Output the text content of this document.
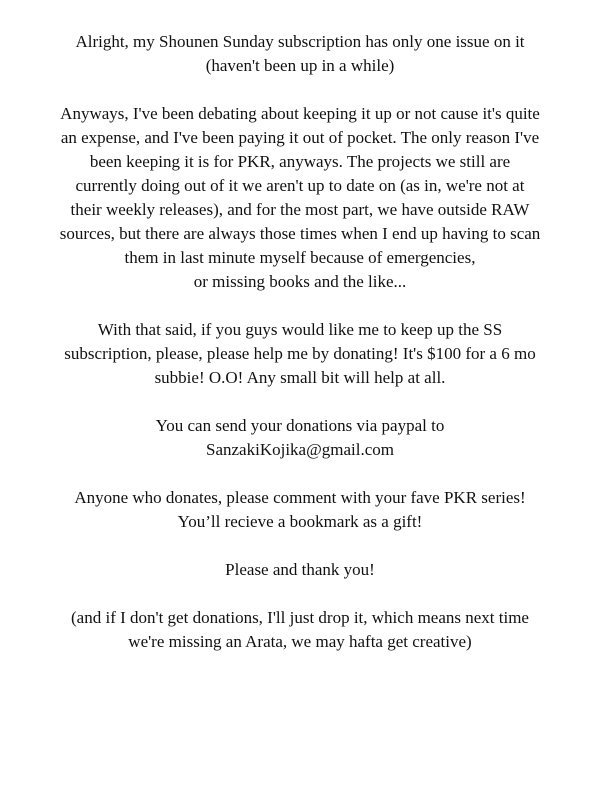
Alright, my Shounen Sunday subscription has only one issue on it
(haven't been up in a while)

Anyways, I've been debating about keeping it up or not cause it's quite
an expense, and I've been paying it out of pocket. The only reason I've
been keeping it is for PKR, anyways. The projects we still are
currently doing out of it we aren't up to date on (as in, we're not at
their weekly releases), and for the most part, we have outside RAW
sources, but there are always those times when I end up having to scan
them in last minute myself because of emergencies,
or missing books and the like...

With that said, if you guys would like me to keep up the SS
subscription, please, please help me by donating! It's $100 for a 6 mo
subbie! O.O! Any small bit will help at all.

You can send your donations via paypal to
SanzakiKojika@gmail.com

Anyone who donates, please comment with your fave PKR series!
You’ll recieve a bookmark as a gift!

Please and thank you!

(and if I don't get donations, I'll just drop it, which means next time
we're missing an Arata, we may hafta get creative)
